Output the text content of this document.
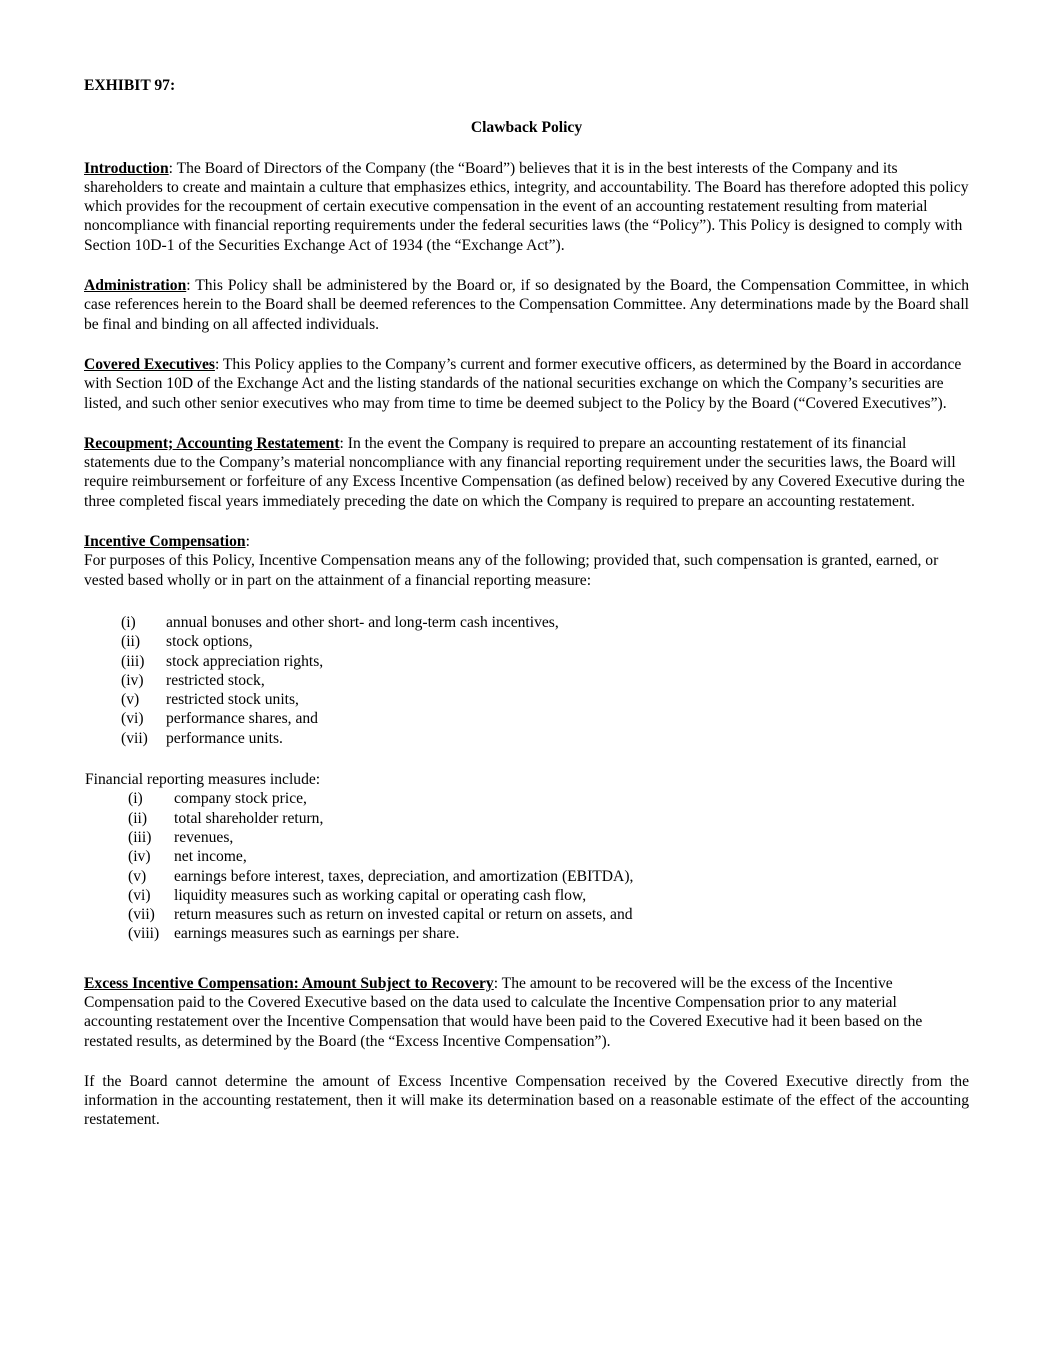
EXHIBIT 97:

Clawback Policy

Introduction: The Board of Directors of the Company (the “Board”) believes that it is in the best interests of the Company and its shareholders to create and maintain a culture that emphasizes ethics, integrity, and accountability. The Board has therefore adopted this policy which provides for the recoupment of certain executive compensation in the event of an accounting restatement resulting from material noncompliance with financial reporting requirements under the federal securities laws (the “Policy”). This Policy is designed to comply with Section 10D-1 of the Securities Exchange Act of 1934 (the “Exchange Act”).

Administration: This Policy shall be administered by the Board or, if so designated by the Board, the Compensation Committee, in which case references herein to the Board shall be deemed references to the Compensation Committee. Any determinations made by the Board shall be final and binding on all affected individuals.

Covered Executives: This Policy applies to the Company’s current and former executive officers, as determined by the Board in accordance with Section 10D of the Exchange Act and the listing standards of the national securities exchange on which the Company’s securities are listed, and such other senior executives who may from time to time be deemed subject to the Policy by the Board (“Covered Executives”).

Recoupment; Accounting Restatement: In the event the Company is required to prepare an accounting restatement of its financial statements due to the Company’s material noncompliance with any financial reporting requirement under the securities laws, the Board will require reimbursement or forfeiture of any Excess Incentive Compensation (as defined below) received by any Covered Executive during the three completed fiscal years immediately preceding the date on which the Company is required to prepare an accounting restatement.

Incentive Compensation:

For purposes of this Policy, Incentive Compensation means any of the following; provided that, such compensation is granted, earned, or vested based wholly or in part on the attainment of a financial reporting measure:

(i)	annual bonuses and other short- and long-term cash incentives,
(ii)	stock options,
(iii)	stock appreciation rights,
(iv)	restricted stock,
(v)	restricted stock units,
(vi)	performance shares, and
(vii)	performance units.

Financial reporting measures include:

(i)	company stock price,
(ii)	total shareholder return,
(iii)	revenues,
(iv)	net income,
(v)	earnings before interest, taxes, depreciation, and amortization (EBITDA),
(vi)	liquidity measures such as working capital or operating cash flow,
(vii)	return measures such as return on invested capital or return on assets, and
(viii) earnings measures such as earnings per share.

Excess Incentive Compensation: Amount Subject to Recovery: The amount to be recovered will be the excess of the Incentive Compensation paid to the Covered Executive based on the data used to calculate the Incentive Compensation prior to any material accounting restatement over the Incentive Compensation that would have been paid to the Covered Executive had it been based on the restated results, as determined by the Board (the “Excess Incentive Compensation”).

If the Board cannot determine the amount of Excess Incentive Compensation received by the Covered Executive directly from the information in the accounting restatement, then it will make its determination based on a reasonable estimate of the effect of the accounting restatement.
